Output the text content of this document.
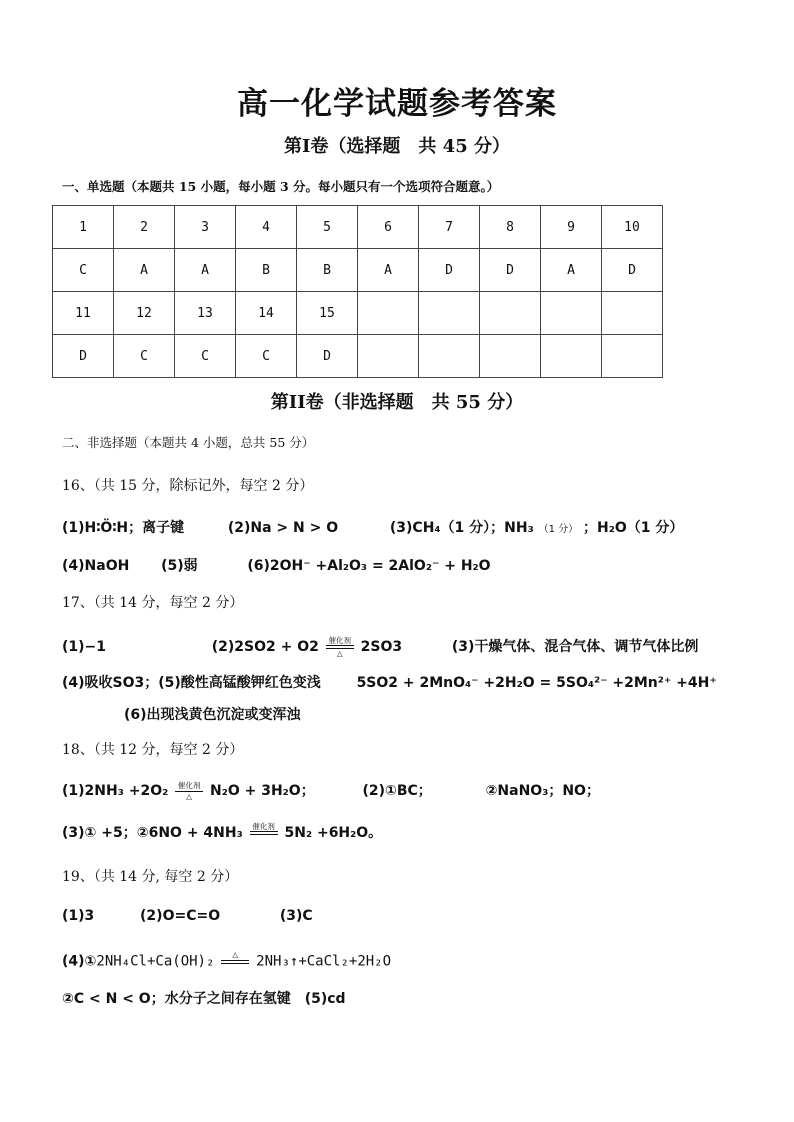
高一化学试题参考答案
第I卷（选择题　共 45 分）
一、单选题（本题共 15 小题，每小题 3 分。每小题只有一个选项符合题意。）
1	2	3	4	5	6	7	8	9	10
C	A	A	B	B	A	D	D	A	D
11	12	13	14	15					
D	C	C	C	D					
第II卷（非选择题　共 55 分）
二、非选择题（本题共 4 小题，总共 55 分）
16、（共 15 分，除标记外，每空 2 分）
(1)H∶Ö∶H；离子键	(2)Na > N > O	(3)CH₄（1 分）；NH₃ （1 分） ；H₂O（1 分）
(4)NaOH (5)弱	(6)2OH⁻ +Al₂O₃ = 2AlO₂⁻ + H₂O
17、（共 14 分，每空 2 分）
(1)−1	(2)2SO2 + O2 催化剂
△ 2SO3	(3)干燥气体、混合气体、调节气体比例
(4)吸收SO3；(5)酸性高锰酸钾红色变浅	5SO2 + 2MnO₄⁻ +2H₂O = 5SO₄²⁻ +2Mn²⁺ +4H⁺
(6)出现浅黄色沉淀或变浑浊
18、（共 12 分，每空 2 分）
(1)2NH₃ +2O₂ 催化剂
△ N₂O + 3H₂O；	(2)①BC；	②NaNO₃；NO；
(3)① +5；②6NO + 4NH₃ 催化剂
5N₂ +6H₂O。
19、（共 14 分, 每空 2 分）
(1)3	(2)O=C=O	(3)C
(4)①2NH₄Cl+Ca(OH)₂ △
2NH₃↑+CaCl₂+2H₂O
②C < N < O；水分子之间存在氢键　(5)cd
